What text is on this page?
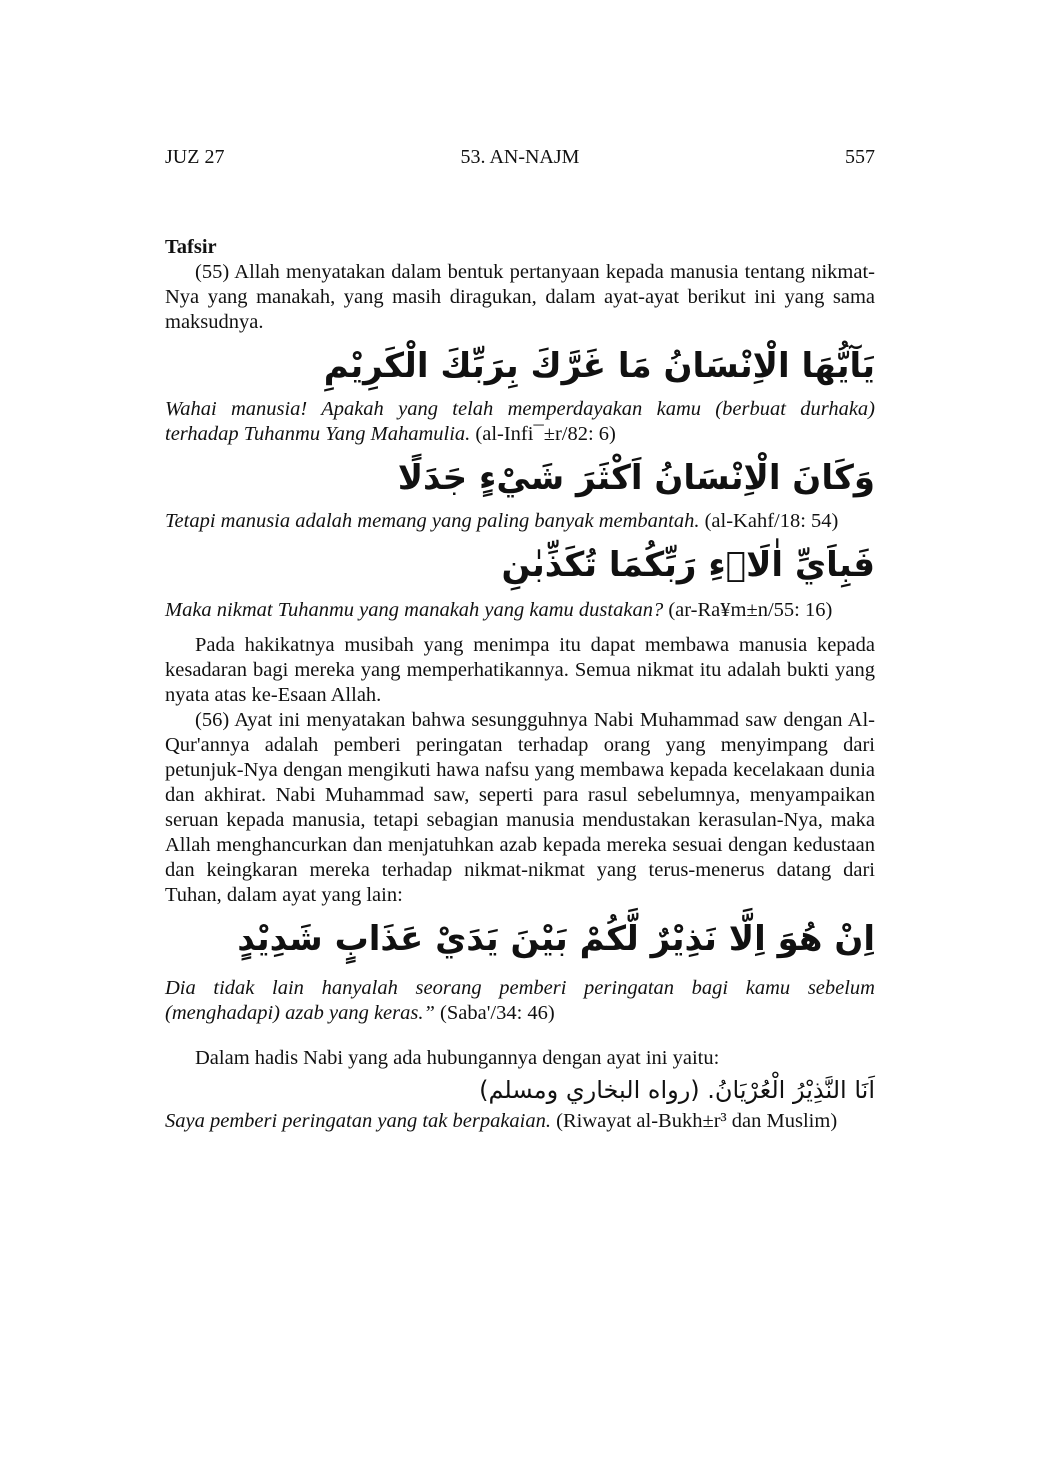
JUZ 27	53. AN-NAJM	557

Tafsir

(55) Allah menyatakan dalam bentuk pertanyaan kepada manusia tentang nikmat-Nya yang manakah, yang masih diragukan, dalam ayat-ayat berikut ini yang sama maksudnya.

يَآيُّهَا الْاِنْسَانُ مَا غَرَّكَ بِرَبِّكَ الْكَرِيْمِ

Wahai manusia! Apakah yang telah memperdayakan kamu (berbuat durhaka) terhadap Tuhanmu Yang Mahamulia. (al-Infi¯±r/82: 6)

وَكَانَ الْاِنْسَانُ اَكْثَرَ شَيْءٍ جَدَلًا

Tetapi manusia adalah memang yang paling banyak membantah. (al-Kahf/18: 54)

فَبِاَيِّ اٰلَاۤءِ رَبِّكُمَا تُكَذِّبٰنِ

Maka nikmat Tuhanmu yang manakah yang kamu dustakan? (ar-Ra¥m±n/55: 16)

Pada hakikatnya musibah yang menimpa itu dapat membawa manusia kepada kesadaran bagi mereka yang memperhatikannya. Semua nikmat itu adalah bukti yang nyata atas ke-Esaan Allah.

(56) Ayat ini menyatakan bahwa sesungguhnya Nabi Muhammad saw dengan Al-Qur'annya adalah pemberi peringatan terhadap orang yang menyimpang dari petunjuk-Nya dengan mengikuti hawa nafsu yang membawa kepada kecelakaan dunia dan akhirat. Nabi Muhammad saw, seperti para rasul sebelumnya, menyampaikan seruan kepada manusia, tetapi sebagian manusia mendustakan kerasulan-Nya, maka Allah menghancurkan dan menjatuhkan azab kepada mereka sesuai dengan kedustaan dan keingkaran mereka terhadap nikmat-nikmat yang terus-menerus datang dari Tuhan, dalam ayat yang lain:

اِنْ هُوَ اِلَّا نَذِيْرٌ لَّكُمْ بَيْنَ يَدَيْ عَذَابٍ شَدِيْدٍ

Dia tidak lain hanyalah seorang pemberi peringatan bagi kamu sebelum (menghadapi) azab yang keras.” (Saba'/34: 46)

Dalam hadis Nabi yang ada hubungannya dengan ayat ini yaitu:

اَنَا النَّذِيْرُ الْعُرْيَانُ. (رواه البخاري ومسلم)

Saya pemberi peringatan yang tak berpakaian. (Riwayat al-Bukh±r³ dan Muslim)
